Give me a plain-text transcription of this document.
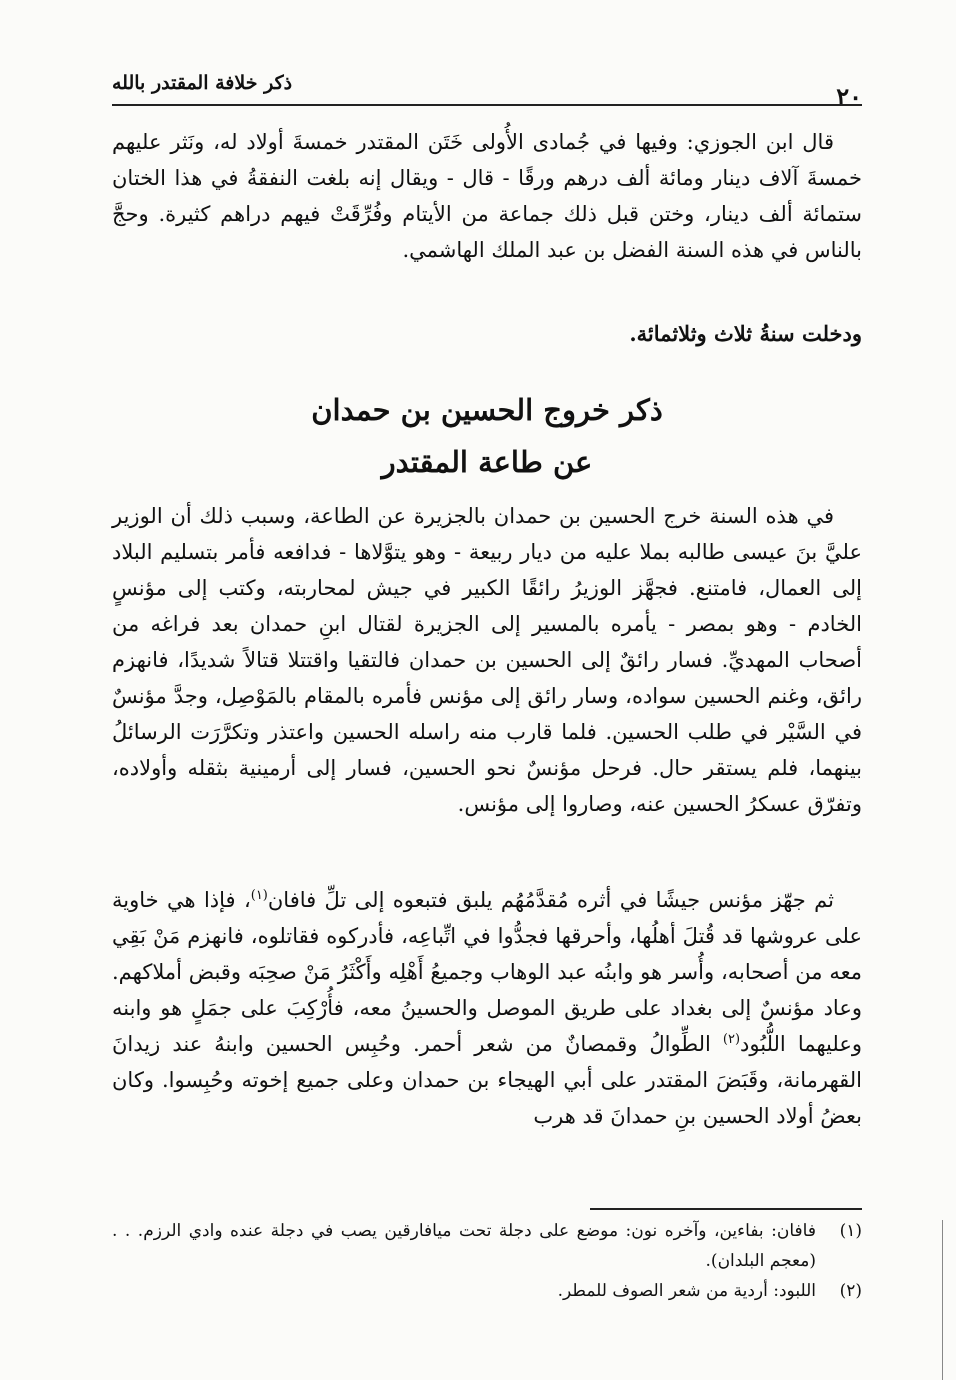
٢٠
ذكر خلافة المقتدر بالله
قال ابن الجوزي: وفيها في جُمادى الأُولى خَتَن المقتدر خمسةَ أولاد له، ونَثر عليهم خمسةَ آلاف دينار ومائة ألف درهم ورقًا - قال - ويقال إنه بلغت النفقةُ في هذا الختان ستمائة ألف دينار، وختن قبل ذلك جماعة من الأيتام وفُرِّقَتْ فيهم دراهم كثيرة. وحجَّ بالناس في هذه السنة الفضل بن عبد الملك الهاشمي.
ودخلت سنةُ ثلاث وثلاثمائة.
ذكر خروج الحسين بن حمدان
عن طاعة المقتدر
في هذه السنة خرج الحسين بن حمدان بالجزيرة عن الطاعة، وسبب ذلك أن الوزير عليَّ بنَ عيسى طالبه بملا عليه من ديار ربيعة - وهو يتوَّلاها - فدافعه فأمر بتسليم البلاد إلى العمال، فامتنع. فجهَّز الوزيرُ رائقًا الكبير في جيش لمحاربته، وكتب إلى مؤنسٍ الخادم - وهو بمصر - يأمره بالمسير إلى الجزيرة لقتال ابنِ حمدان بعد فراغه من أصحاب المهديِّ. فسار رائقٌ إلى الحسين بن حمدان فالتقيا واقتتلا قتالاً شديدًا، فانهزم رائق، وغنم الحسين سواده، وسار رائق إلى مؤنس فأمره بالمقام بالمَوْصِل، وجدَّ مؤنسٌ في السَّيْر في طلب الحسين. فلما قارب منه راسله الحسين واعتذر وتكرَّرَت الرسائلُ بينهما، فلم يستقر حال. فرحل مؤنسٌ نحو الحسين، فسار إلى أرمينية بثقله وأولاده، وتفرّق عسكرُ الحسين عنه، وصاروا إلى مؤنس.
ثم جهّز مؤنس جيشًا في أثره مُقدَّمُهُم يلبق فتبعوه إلى تلِّ فافان$^{(١)}$، فإذا هي خاوية على عروشها قد قُتلَ أهلُها، وأحرقها فجدُّوا في اتِّباعِه، فأدركوه فقاتلوه، فانهزم مَنْ بَقِي معه من أصحابه، وأُسر هو وابنُه عبد الوهاب وجميعُ أَهْلِه وأَكْثَرُ مَنْ صحِبَه وقبض أملاكهم. وعاد مؤنسٌ إلى بغداد على طريق الموصل والحسينُ معه، فأُرْكِبَ على جمَلٍ هو وابنه وعليهما اللُّبُود$^{(٢)}$ الطِّوالُ وقمصانٌ من شعر أحمر. وحُبِس الحسين وابنهُ عند زيدانَ القهرمانة، وقَبَضَ المقتدر على أبي الهيجاء بن حمدان وعلى جميع إخوته وحُبِسوا. وكان بعضُ أولاد الحسين بنِ حمدانَ قد هرب
(١)
فافان: بفاءين، وآخره نون: موضع على دجلة تحت ميافارقين يصب في دجلة عنده وادي الرزم. . . (معجم البلدان).
(٢)
اللبود: أردية من شعر الصوف للمطر.
